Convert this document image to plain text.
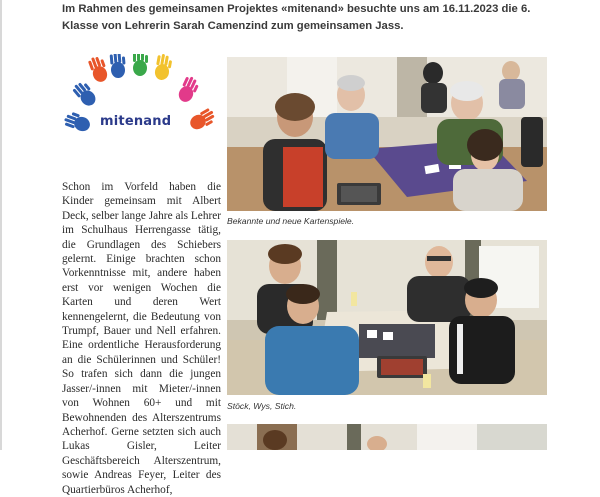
Im Rahmen des gemeinsamen Projektes «mitenand» besuchte uns am 16.11.2023 die 6. Klasse von Lehrerin Sarah Camenzind zum gemeinsamen Jass.
mitenand

Schon im Vorfeld haben die Kinder gemeinsam mit Albert Deck, selber lange Jahre als Lehrer im Schulhaus Herrengasse tätig, die Grundlagen des Schiebers gelernt. Einige brachten schon Vorkenntnisse mit, andere haben erst vor wenigen Wochen die Karten und deren Wert kennengelernt, die Bedeutung von Trumpf, Bauer und Nell erfahren. Eine ordentliche Herausforderung an die Schülerinnen und Schüler! So trafen sich dann die jungen Jasser/-innen mit Mieter/-innen von Wohnen 60+ und mit Bewohnenden des Alterszentrums Acherhof. Gerne setzten sich auch Lukas Gisler, Leiter Geschäftsbereich Alterszentrum, sowie Andreas Feyer, Leiter des Quartierbüros Acherhof,

Bekannte und neue Kartenspiele.
Stöck, Wys, Stich.
